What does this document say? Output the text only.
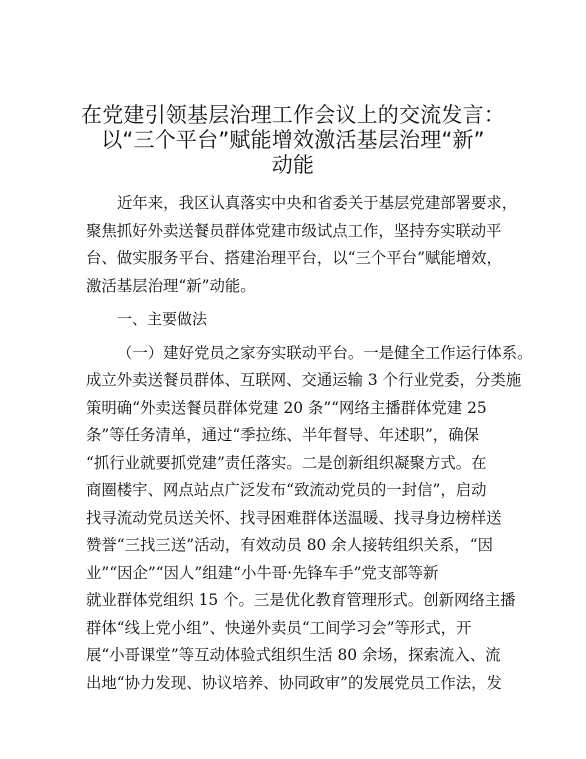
在党建引领基层治理工作会议上的交流发言：
以“三个平台”赋能增效激活基层治理“新”
动能
近年来，我区认真落实中央和省委关于基层党建部署要求，
聚焦抓好外卖送餐员群体党建市级试点工作，坚持夯实联动平
台、做实服务平台、搭建治理平台，以“三个平台”赋能增效，
激活基层治理“新”动能。
一、主要做法
（一）建好党员之家夯实联动平台。一是健全工作运行体系。
成立外卖送餐员群体、互联网、交通运输 3 个行业党委，分类施
策明确“外卖送餐员群体党建 20 条”“网络主播群体党建 25
条”等任务清单，通过“季拉练、半年督导、年述职”，确保
“抓行业就要抓党建”责任落实。二是创新组织凝聚方式。在
商圈楼宇、网点站点广泛发布“致流动党员的一封信”，启动
找寻流动党员送关怀、找寻困难群体送温暖、找寻身边榜样送
赞誉“三找三送”活动，有效动员 80 余人接转组织关系，“因
业”“因企”“因人”组建“小牛哥·先锋车手”党支部等新
就业群体党组织 15 个。三是优化教育管理形式。创新网络主播
群体“线上党小组”、快递外卖员“工间学习会”等形式，开
展“小哥课堂”等互动体验式组织生活 80 余场，探索流入、流
出地“协力发现、协议培养、协同政审”的发展党员工作法，发
